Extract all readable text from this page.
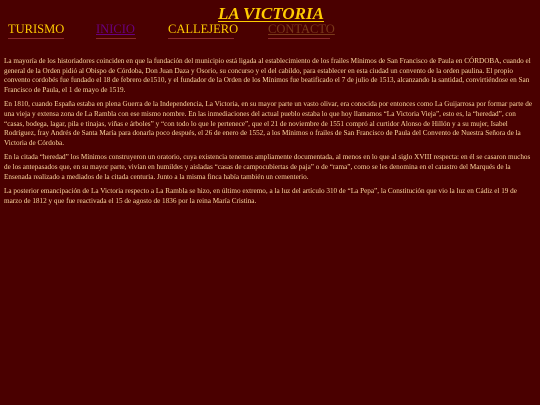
LA VICTORIA
TURISMO	INICIO	CALLEJERO CONTACTO

La mayoría de los historiadores coinciden en que la fundación del municipio está ligada al establecimiento de los frailes Mínimos de San Francisco de Paula en CÓRDOBA, cuando el general de la Orden pidió al Obispo de Córdoba, Don Juan Daza y Osorio, su concurso y el del cabildo, para establecer en esta ciudad un convento de la orden paulina. El propio convento cordobés fue fundado el 18 de febrero de1510, y el fundador de la Orden de los Mínimos fue beatificado el 7 de julio de 1513, alcanzando la santidad, convirtiéndose en San Francisco de Paula, el 1 de mayo de 1519.

En 1810, cuando España estaba en plena Guerra de la Independencia, La Victoria, en su mayor parte un vasto olivar, era conocida por entonces como La Guijarrosa por formar parte de una vieja y extensa zona de La Rambla con ese mismo nombre. En las inmediaciones del actual pueblo estaba lo que hoy llamamos “La Victoria Vieja”, esto es, la “heredad”, con “casas, bodega, lagar, pila e tinajas, viñas e árboles” y “con todo lo que le pertenece”, que el 21 de noviembre de 1551 compró al curtidor Alonso de Hillón y a su mujer, Isabel Rodríguez, fray Andrés de Santa María para donarla poco después, el 26 de enero de 1552, a los Mínimos o frailes de San Francisco de Paula del Convento de Nuestra Señora de la Victoria de Córdoba.

En la citada “heredad” los Mínimos construyeron un oratorio, cuya existencia tenemos ampliamente documentada, al menos en lo que al siglo XVIII respecta: en él se casaron muchos de los antepasados que, en su mayor parte, vivían en humildes y aisladas “casas de campocubiertas de paja” o de “rama”, como se les denomina en el catastro del Marqués de la Ensenada realizado a mediados de la citada centuria. Junto a la misma finca había también un cementerio.

La posterior emancipación de La Victoria respecto a La Rambla se hizo, en último extremo, a la luz del artículo 310 de “La Pepa”, la Constitución que vio la luz en Cádiz el 19 de marzo de 1812 y que fue reactivada el 15 de agosto de 1836 por la reina María Cristina.
